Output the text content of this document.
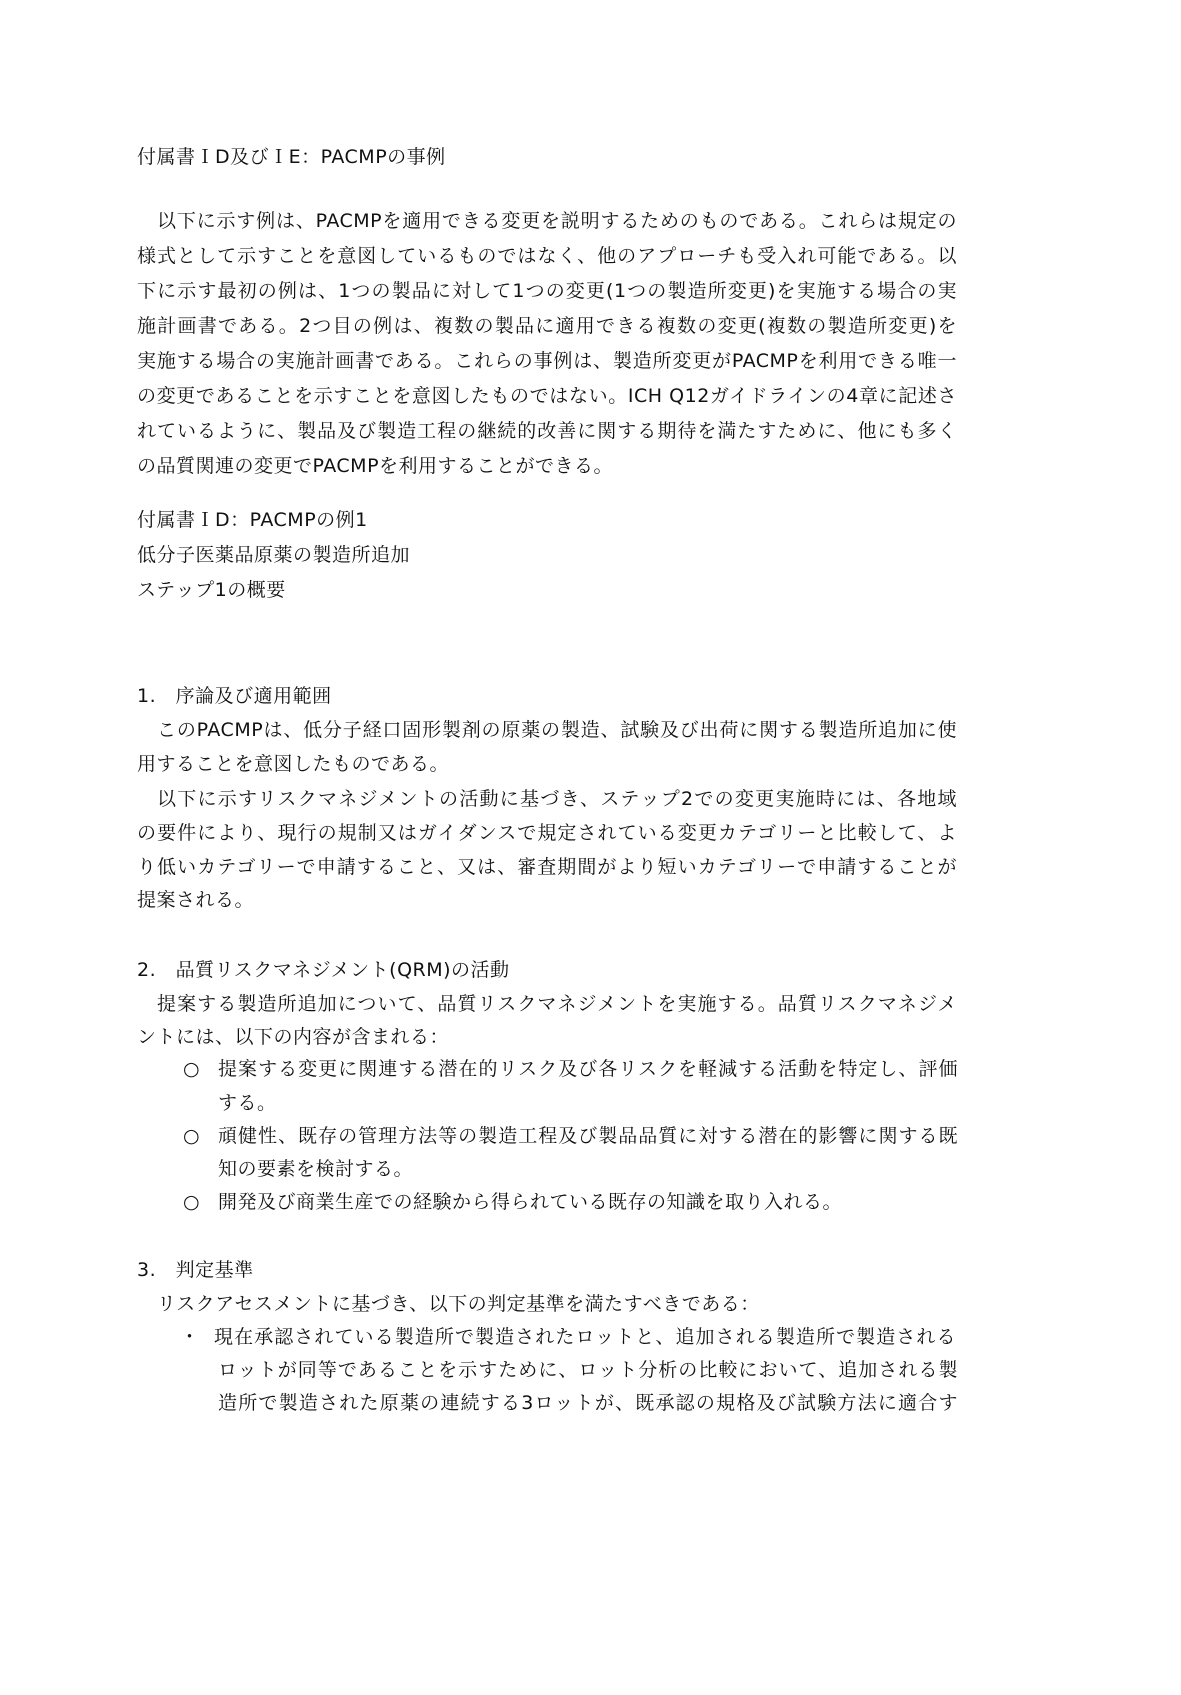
付属書ＩD及びＩE：PACMPの事例
以下に示す例は、PACMPを適用できる変更を説明するためのものである。これらは規定の
様式として示すことを意図しているものではなく、他のアプローチも受入れ可能である。以
下に示す最初の例は、1つの製品に対して1つの変更(1つの製造所変更)を実施する場合の実
施計画書である。2つ目の例は、複数の製品に適用できる複数の変更(複数の製造所変更)を
実施する場合の実施計画書である。これらの事例は、製造所変更がPACMPを利用できる唯一
の変更であることを示すことを意図したものではない。ICH Q12ガイドラインの4章に記述さ
れているように、製品及び製造工程の継続的改善に関する期待を満たすために、他にも多く
の品質関連の変更でPACMPを利用することができる。
付属書ＩD：PACMPの例1
低分子医薬品原薬の製造所追加
ステップ1の概要
1.　序論及び適用範囲
このPACMPは、低分子経口固形製剤の原薬の製造、試験及び出荷に関する製造所追加に使
用することを意図したものである。
以下に示すリスクマネジメントの活動に基づき、ステップ2での変更実施時には、各地域
の要件により、現行の規制又はガイダンスで規定されている変更カテゴリーと比較して、よ
り低いカテゴリーで申請すること、又は、審査期間がより短いカテゴリーで申請することが
提案される。
2.　品質リスクマネジメント(QRM)の活動
提案する製造所追加について、品質リスクマネジメントを実施する。品質リスクマネジメ
ントには、以下の内容が含まれる：
○ 提案する変更に関連する潜在的リスク及び各リスクを軽減する活動を特定し、評価
する。
○ 頑健性、既存の管理方法等の製造工程及び製品品質に対する潜在的影響に関する既
知の要素を検討する。
○ 開発及び商業生産での経験から得られている既存の知識を取り入れる。
3.　判定基準
リスクアセスメントに基づき、以下の判定基準を満たすべきである：
・ 現在承認されている製造所で製造されたロットと、追加される製造所で製造される
ロットが同等であることを示すために、ロット分析の比較において、追加される製
造所で製造された原薬の連続する3ロットが、既承認の規格及び試験方法に適合す
